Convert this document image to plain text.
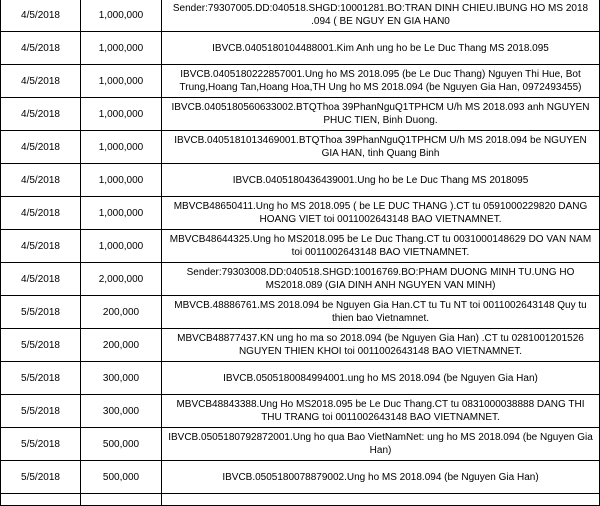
4/5/2018	1,000,000	Sender:79307005.DD:040518.SHGD:10001281.BO:TRAN DINH CHIEU.IBUNG HO MS 2018 .094 ( BE NGUY EN GIA HAN0
4/5/2018	1,000,000	IBVCB.0405180104488001.Kim Anh ung ho be Le Duc Thang MS 2018.095
4/5/2018	1,000,000	IBVCB.0405180222857001.Ung ho MS 2018.095 (be Le Duc Thang) Nguyen Thi Hue, Bot Trung,Hoang Tan,Hoang Hoa,TH Ung ho MS 2018.094 (be Nguyen Gia Han, 0972493455)
4/5/2018	1,000,000	IBVCB.0405180560633002.BTQThoa 39PhanNguQ1TPHCM U/h MS 2018.093 anh NGUYEN PHUC TIEN, Binh Duong.
4/5/2018	1,000,000	IBVCB.0405181013469001.BTQThoa 39PhanNguQ1TPHCM U/h MS 2018.094 be NGUYEN GIA HAN, tinh Quang Binh
4/5/2018	1,000,000	IBVCB.0405180436439001.Ung ho be Le Duc Thang MS 2018095
4/5/2018	1,000,000	MBVCB48650411.Ung ho MS 2018.095 ( be LE DUC THANG ).CT tu 0591000229820 DANG HOANG VIET toi 0011002643148 BAO VIETNAMNET.
4/5/2018	1,000,000	MBVCB48644325.Ung ho MS2018.095 be Le Duc Thang.CT tu 0031000148629 DO VAN NAM toi 0011002643148 BAO VIETNAMNET.
4/5/2018	2,000,000	Sender:79303008.DD:040518.SHGD:10016769.BO:PHAM DUONG MINH TU.UNG HO MS2018.089 (GIA DINH ANH NGUYEN VAN MINH)
5/5/2018	200,000	MBVCB.48886761.MS 2018.094 be Nguyen Gia Han.CT tu Tu NT toi 0011002643148 Quy tu thien bao Vietnamnet.
5/5/2018	200,000	MBVCB48877437.KN ung ho ma so 2018.094 (be Nguyen Gia Han) .CT tu 0281001201526 NGUYEN THIEN KHOI toi 0011002643148 BAO VIETNAMNET.
5/5/2018	300,000	IBVCB.0505180084994001.ung ho MS 2018.094 (be Nguyen Gia Han)
5/5/2018	300,000	MBVCB48843388.Ung Ho MS2018.095 be Le Duc Thang.CT tu 0831000038888 DANG THI THU TRANG toi 0011002643148 BAO VIETNAMNET.
5/5/2018	500,000	IBVCB.0505180792872001.Ung ho qua Bao VietNamNet: ung ho MS 2018.094 (be Nguyen Gia Han)
5/5/2018	500,000	IBVCB.0505180078879002.Ung ho MS 2018.094 (be Nguyen Gia Han)
